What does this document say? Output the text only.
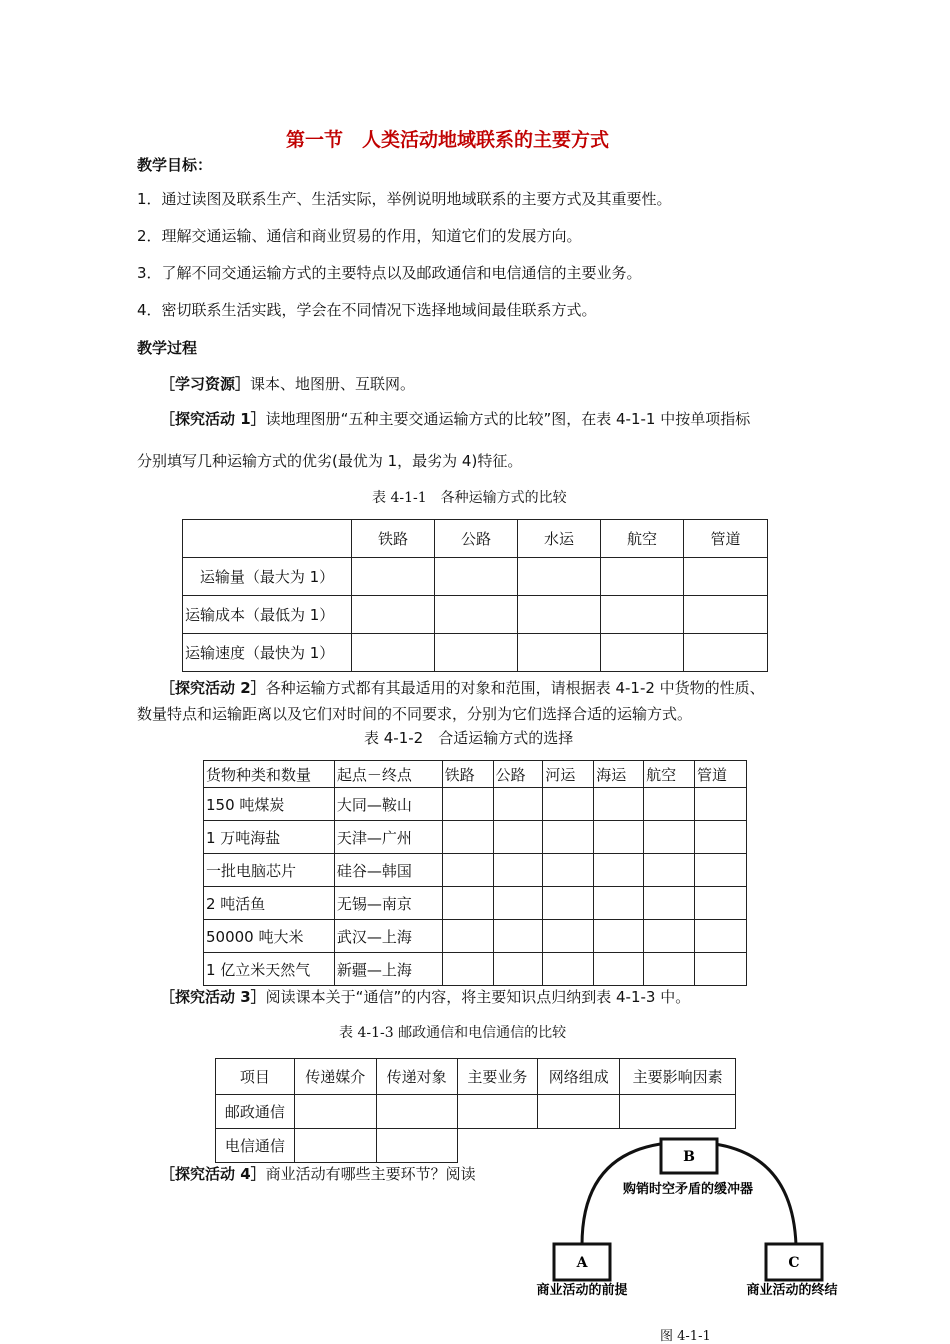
第一节　人类活动地域联系的主要方式
教学目标：
1．通过读图及联系生产、生活实际，举例说明地域联系的主要方式及其重要性。
2．理解交通运输、通信和商业贸易的作用，知道它们的发展方向。
3．了解不同交通运输方式的主要特点以及邮政通信和电信通信的主要业务。
4．密切联系生活实践，学会在不同情况下选择地域间最佳联系方式。
教学过程
［学习资源］课本、地图册、互联网。
［探究活动 1］读地理图册“五种主要交通运输方式的比较”图，在表 4-1-1 中按单项指标
分别填写几种运输方式的优劣(最优为 1，最劣为 4)特征。
表 4-1-1　各种运输方式的比较
	铁路	公路	水运	航空	管道
运输量（最大为 1）					
运输成本（最低为 1）					
运输速度（最快为 1）					
［探究活动 2］各种运输方式都有其最适用的对象和范围，请根据表 4-1-2 中货物的性质、
数量特点和运输距离以及它们对时间的不同要求，分别为它们选择合适的运输方式。
表 4-1-2　合适运输方式的选择
货物种类和数量	起点－终点	铁路	公路	河运	海运	航空	管道
150 吨煤炭	大同—鞍山						
1 万吨海盐	天津—广州						
一批电脑芯片	硅谷—韩国						
2 吨活鱼	无锡—南京						
50000 吨大米	武汉—上海						
1 亿立米天然气	新疆—上海						
［探究活动 3］阅读课本关于“通信”的内容，将主要知识点归纳到表 4-1-3 中。
表 4-1-3 邮政通信和电信通信的比较
项目	传递媒介	传递对象	主要业务	网络组成	主要影响因素
邮政通信					
电信通信					
［探究活动 4］商业活动有哪些主要环节？阅读
B
A	C
购销时空矛盾的缓冲器
商业活动的前提	商业活动的终结
图 4-1-1
